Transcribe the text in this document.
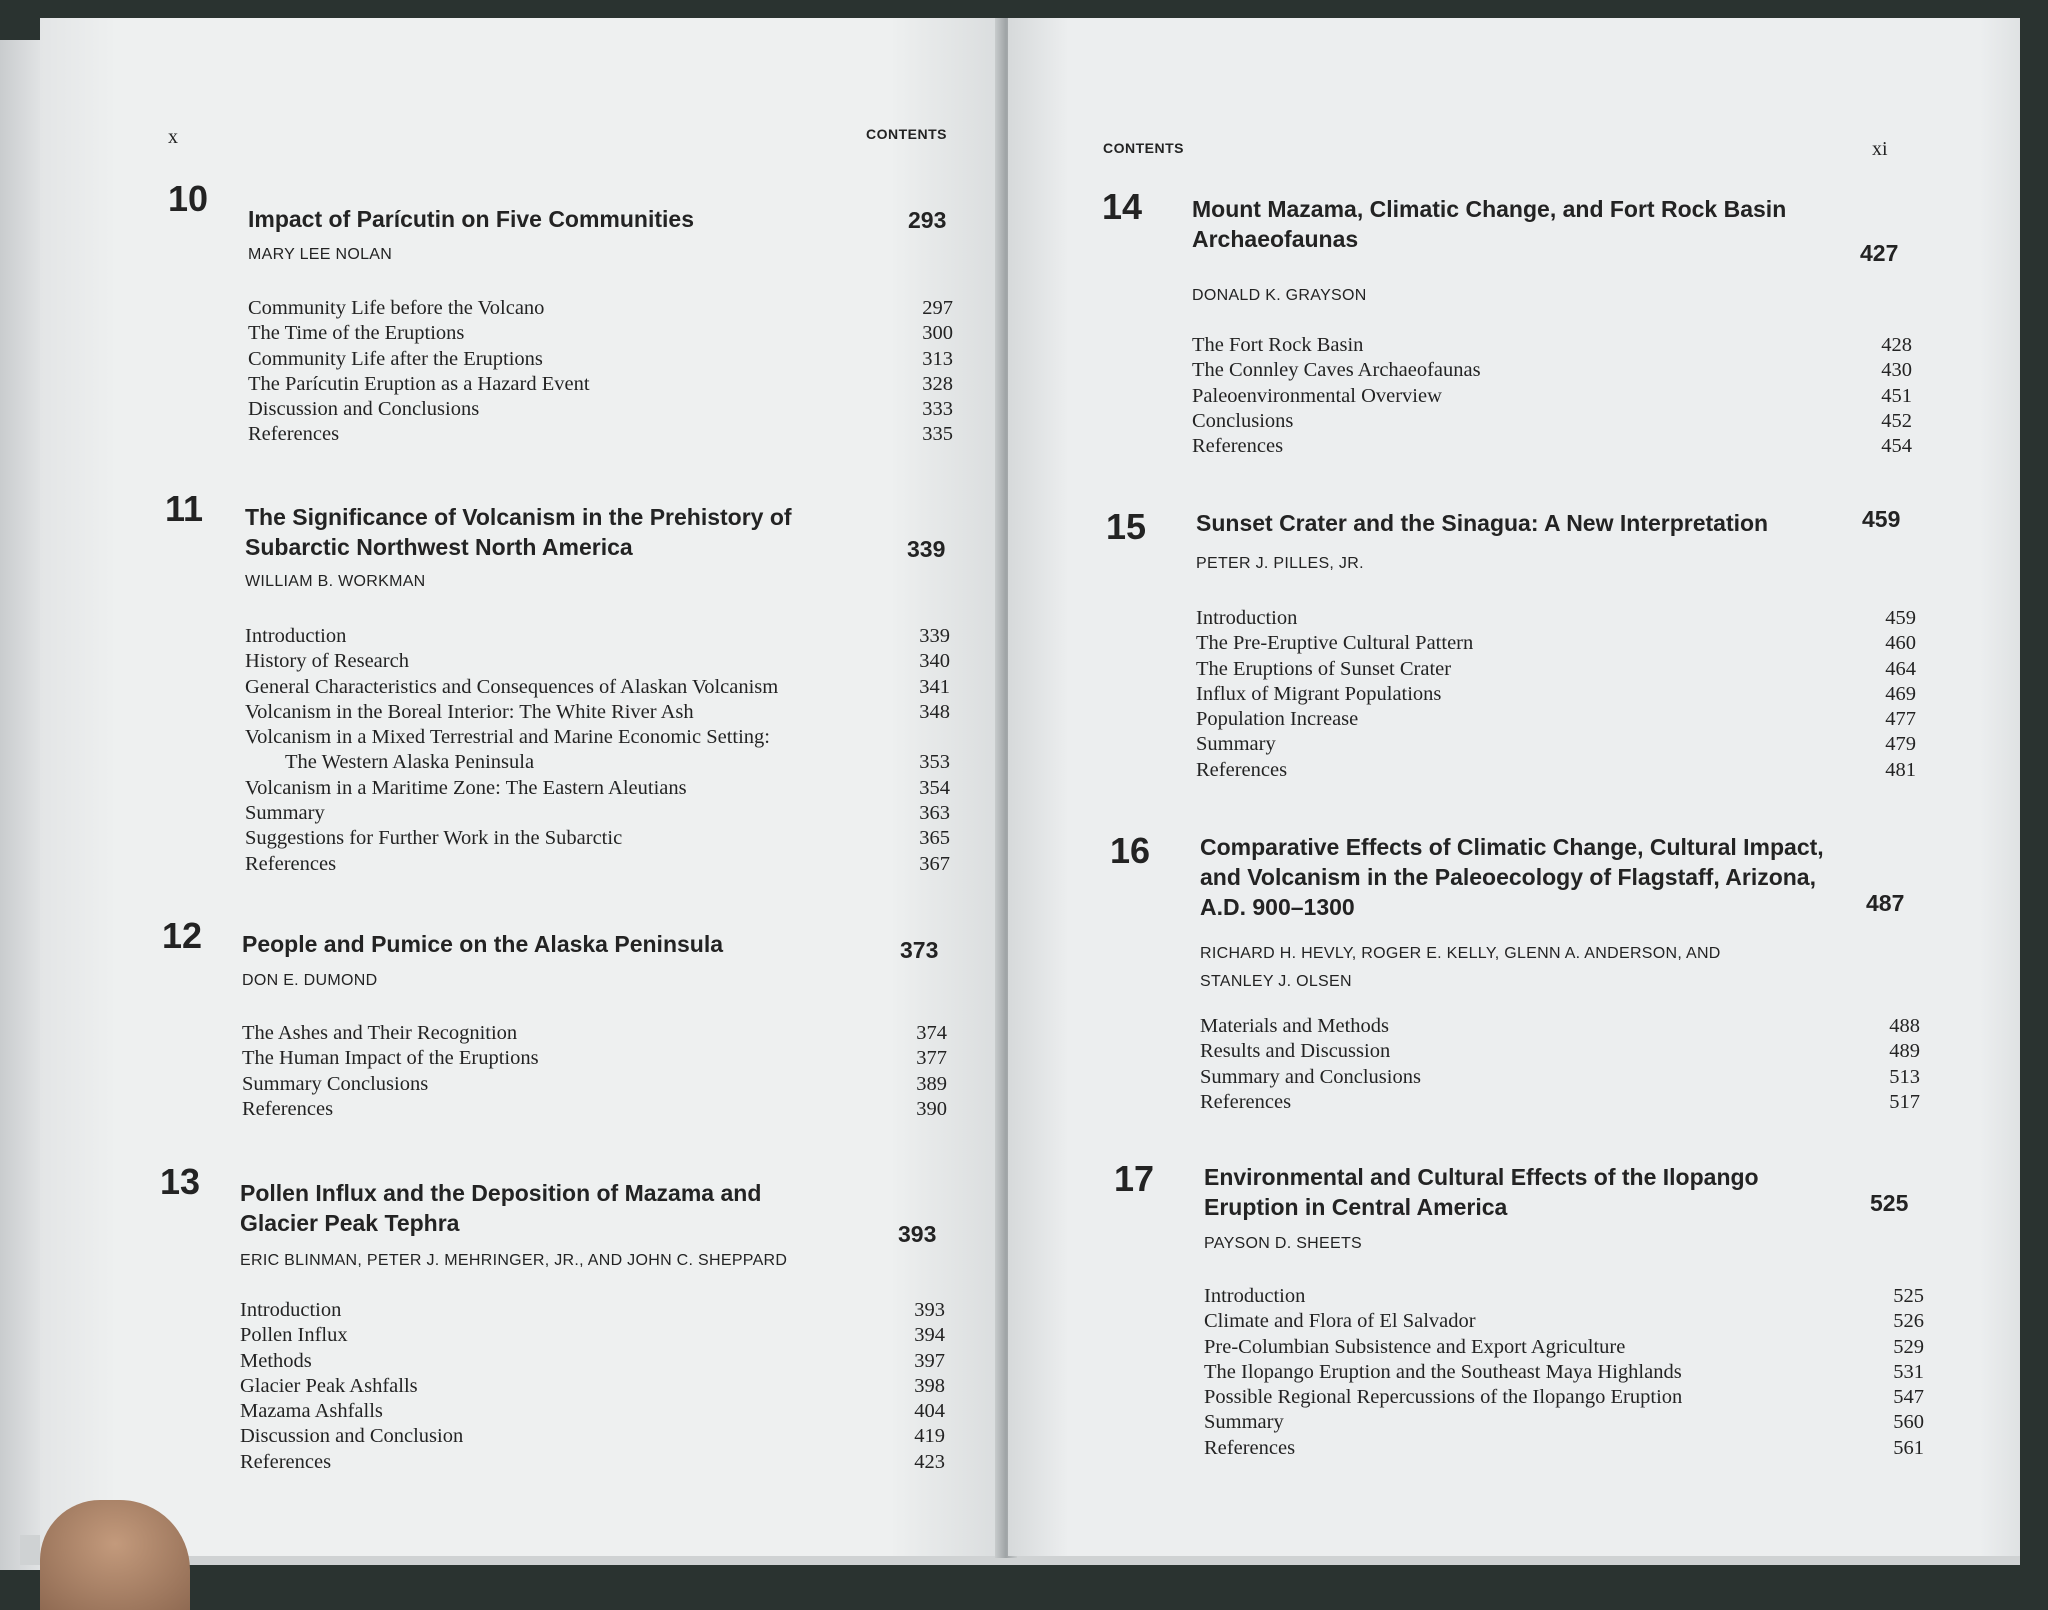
x	CONTENTS
10 Impact of Parícutin on Five Communities	293
MARY LEE NOLAN
Community Life before the Volcano	297
The Time of the Eruptions	300
Community Life after the Eruptions	313
The Parícutin Eruption as a Hazard Event	328
Discussion and Conclusions	333
References	335
11 The Significance of Volcanism in the Prehistory of Subarctic Northwest North America	339
WILLIAM B. WORKMAN
Introduction	339
History of Research	340
General Characteristics and Consequences of Alaskan Volcanism	341
Volcanism in the Boreal Interior: The White River Ash	348
Volcanism in a Mixed Terrestrial and Marine Economic Setting:
The Western Alaska Peninsula	353
Volcanism in a Maritime Zone: The Eastern Aleutians	354
Summary	363
Suggestions for Further Work in the Subarctic	365
References	367
12 People and Pumice on the Alaska Peninsula	373
DON E. DUMOND
The Ashes and Their Recognition	374
The Human Impact of the Eruptions	377
Summary Conclusions	389
References	390
13 Pollen Influx and the Deposition of Mazama and Glacier Peak Tephra	393
ERIC BLINMAN, PETER J. MEHRINGER, JR., AND JOHN C. SHEPPARD
Introduction	393
Pollen Influx	394
Methods	397
Glacier Peak Ashfalls	398
Mazama Ashfalls	404
Discussion and Conclusion	419
References	423
CONTENTS	xi
14 Mount Mazama, Climatic Change, and Fort Rock Basin Archaeofaunas
427
DONALD K. GRAYSON
The Fort Rock Basin	428
The Connley Caves Archaeofaunas	430
Paleoenvironmental Overview	451
Conclusions	452
References	454
15 Sunset Crater and the Sinagua: A New Interpretation	459
PETER J. PILLES, JR.
Introduction	459
The Pre-Eruptive Cultural Pattern	460
The Eruptions of Sunset Crater	464
Influx of Migrant Populations	469
Population Increase	477
Summary	479
References	481
16 Comparative Effects of Climatic Change, Cultural Impact, and Volcanism in the Paleoecology of Flagstaff, Arizona, A.D. 900–1300	487
RICHARD H. HEVLY, ROGER E. KELLY, GLENN A. ANDERSON, AND STANLEY J. OLSEN
Materials and Methods	488
Results and Discussion	489
Summary and Conclusions	513
References	517
17 Environmental and Cultural Effects of the Ilopango Eruption in Central America	525
PAYSON D. SHEETS
Introduction	525
Climate and Flora of El Salvador	526
Pre-Columbian Subsistence and Export Agriculture	529
The Ilopango Eruption and the Southeast Maya Highlands	531
Possible Regional Repercussions of the Ilopango Eruption	547
Summary	560
References	561
